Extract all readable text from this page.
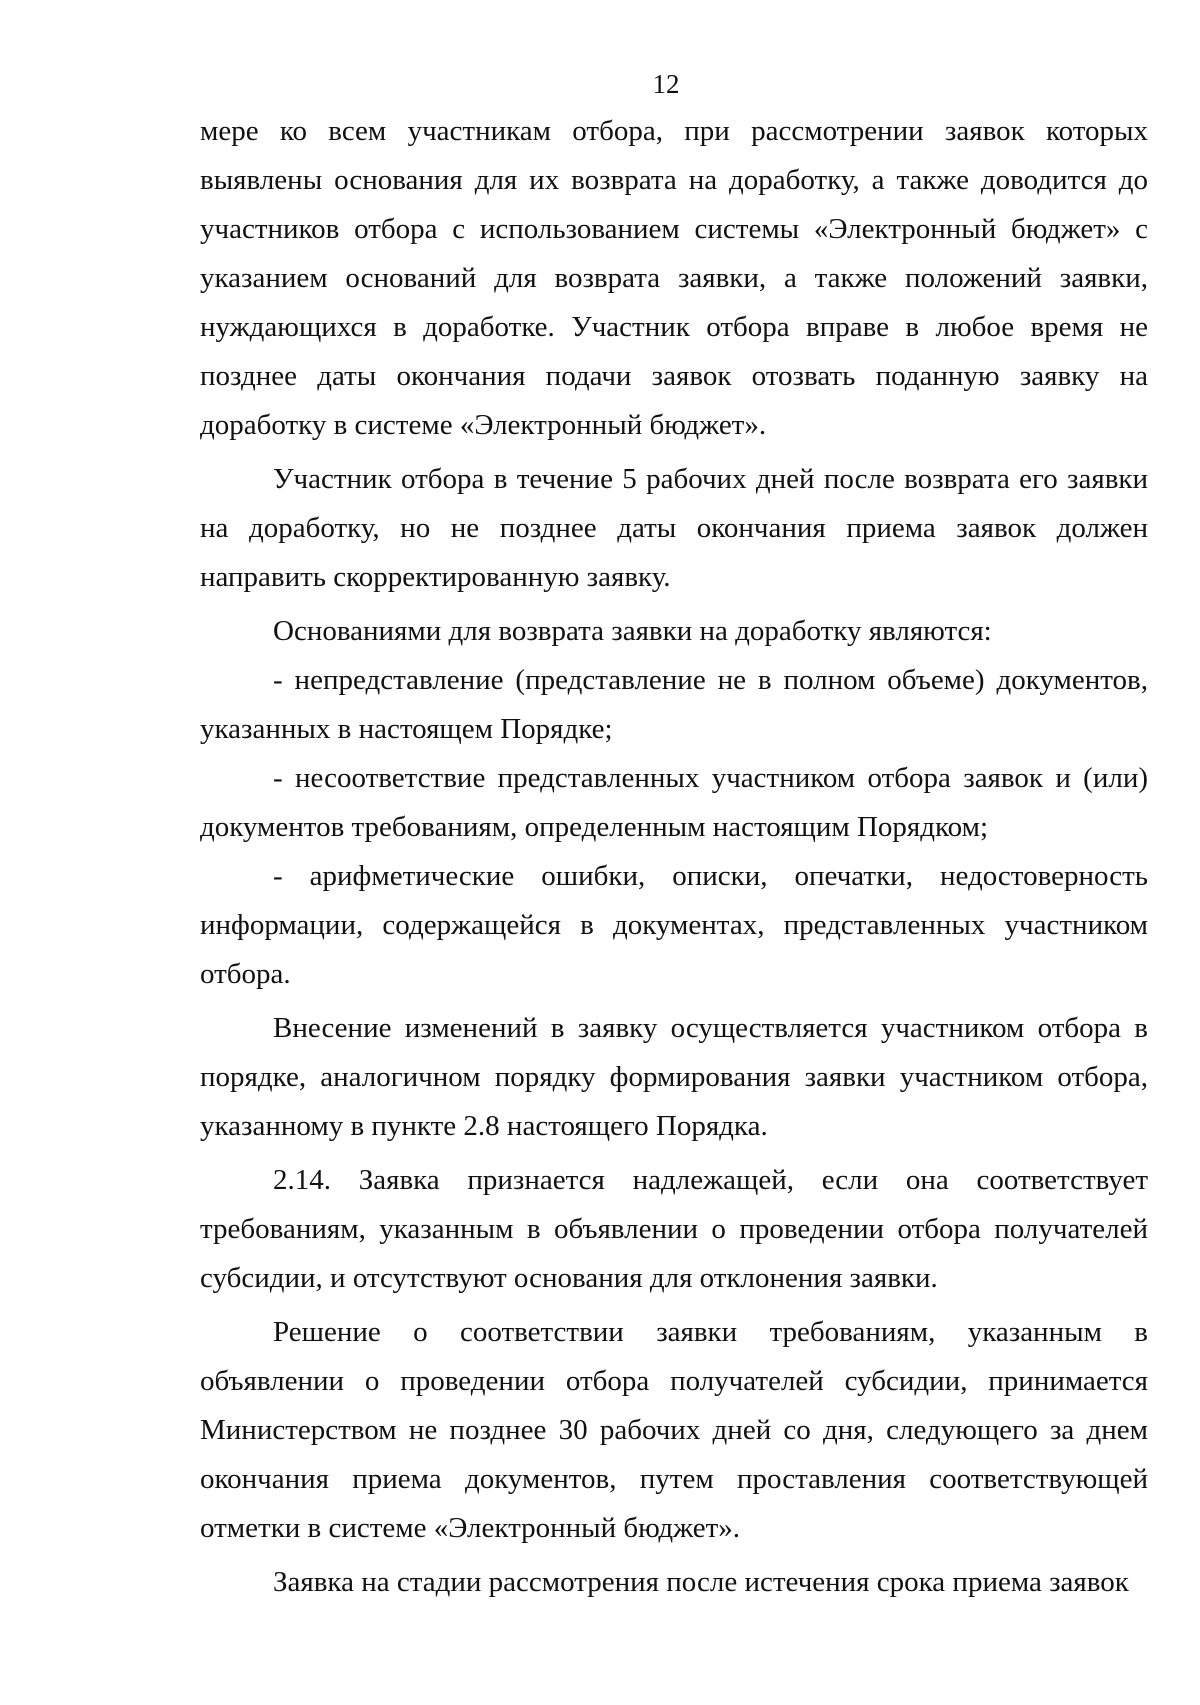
12

мере ко всем участникам отбора, при рассмотрении заявок которых выявлены основания для их возврата на доработку, а также доводится до участников отбора с использованием системы «Электронный бюджет» с указанием оснований для возврата заявки, а также положений заявки, нуждающихся в доработке. Участник отбора вправе в любое время не позднее даты окончания подачи заявок отозвать поданную заявку на доработку в системе «Электронный бюджет».

Участник отбора в течение 5 рабочих дней после возврата его заявки на доработку, но не позднее даты окончания приема заявок должен направить скорректированную заявку.

Основаниями для возврата заявки на доработку являются:

- непредставление (представление не в полном объеме) документов, указанных в настоящем Порядке;

- несоответствие представленных участником отбора заявок и (или) документов требованиям, определенным настоящим Порядком;

- арифметические ошибки, описки, опечатки, недостоверность информации, содержащейся в документах, представленных участником отбора.

Внесение изменений в заявку осуществляется участником отбора в порядке, аналогичном порядку формирования заявки участником отбора, указанному в пункте 2.8 настоящего Порядка.

2.14. Заявка признается надлежащей, если она соответствует требованиям, указанным в объявлении о проведении отбора получателей субсидии, и отсутствуют основания для отклонения заявки.

Решение о соответствии заявки требованиям, указанным в объявлении о проведении отбора получателей субсидии, принимается Министерством не позднее 30 рабочих дней со дня, следующего за днем окончания приема документов, путем проставления соответствующей отметки в системе «Электронный бюджет».

Заявка на стадии рассмотрения после истечения срока приема заявок
